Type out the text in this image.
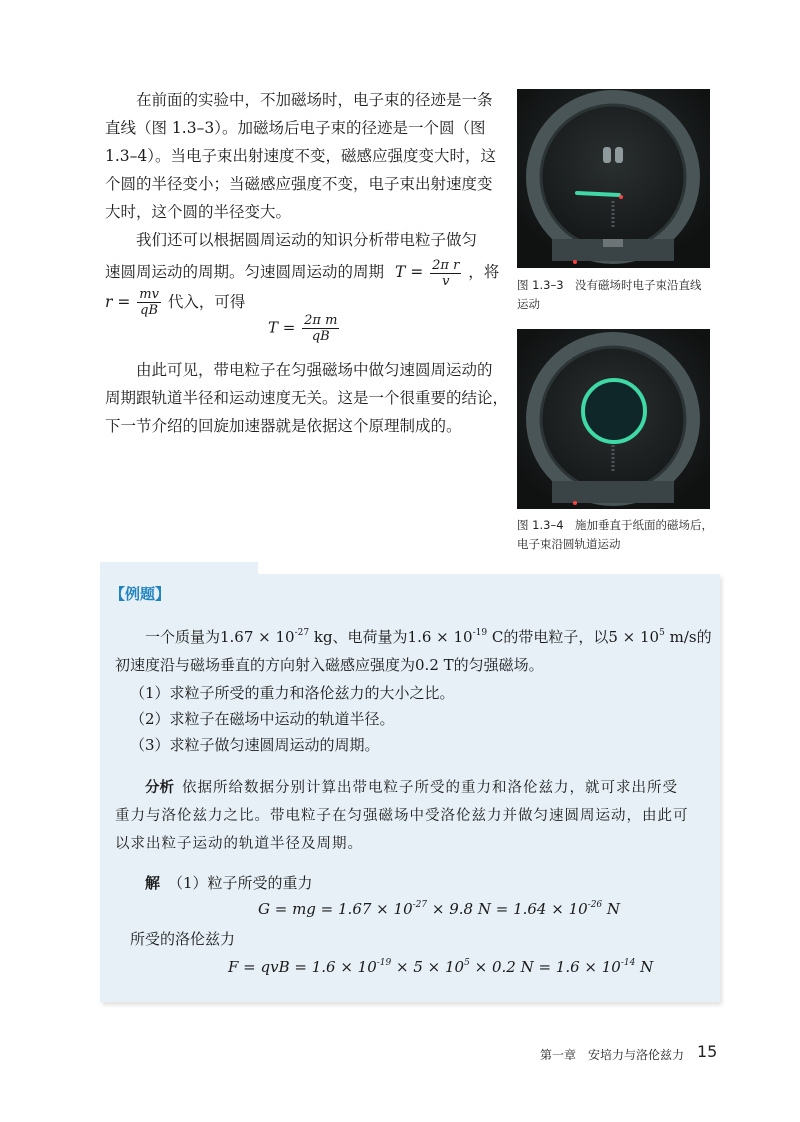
在前面的实验中，不加磁场时，电子束的径迹是一条
直线（图 1.3–3）。加磁场后电子束的径迹是一个圆（图
1.3–4）。当电子束出射速度不变，磁感应强度变大时，这
个圆的半径变小；当磁感应强度不变，电子束出射速度变
大时，这个圆的半径变大。
我们还可以根据圆周运动的知识分析带电粒子做匀
速圆周运动的周期。匀速圆周运动的周期 $T = \frac{\text{2π r}}{v}$ ，将
$r = \frac{mv}{qB}$ 代入，可得
$T = \frac{\text{2π m}}{qB}$
由此可见，带电粒子在匀强磁场中做匀速圆周运动的
周期跟轨道半径和运动速度无关。这是一个很重要的结论，
下一节介绍的回旋加速器就是依据这个原理制成的。
图 1.3–3　没有磁场时电子束沿直线
运动
图 1.3–4　施加垂直于纸面的磁场后，
电子束沿圆轨道运动
【例题】
一个质量为$1.67 \times 10^{-27}$ kg、电荷量为$1.6 \times 10^{-19}$ C的带电粒子，以$5 \times 10^5$ m/s的
初速度沿与磁场垂直的方向射入磁感应强度为0.2 T的匀强磁场。
（1）求粒子所受的重力和洛伦兹力的大小之比。
（2）求粒子在磁场中运动的轨道半径。
（3）求粒子做匀速圆周运动的周期。
分析 依据所给数据分别计算出带电粒子所受的重力和洛伦兹力，就可求出所受
重力与洛伦兹力之比。带电粒子在匀强磁场中受洛伦兹力并做匀速圆周运动，由此可
以求出粒子运动的轨道半径及周期。
解 （1）粒子所受的重力
G = mg = $1.67 \times 10^{-27} \times 9.8$ $N = 1.64 \times 10^{-26}$ N
所受的洛伦兹力
F = qvB = $1.6 \times 10^{-19} \times 5 \times 10^5 \times 0.2$ $N = 1.6 \times 10^{-14}$ N
第一章　安培力与洛伦兹力 15
